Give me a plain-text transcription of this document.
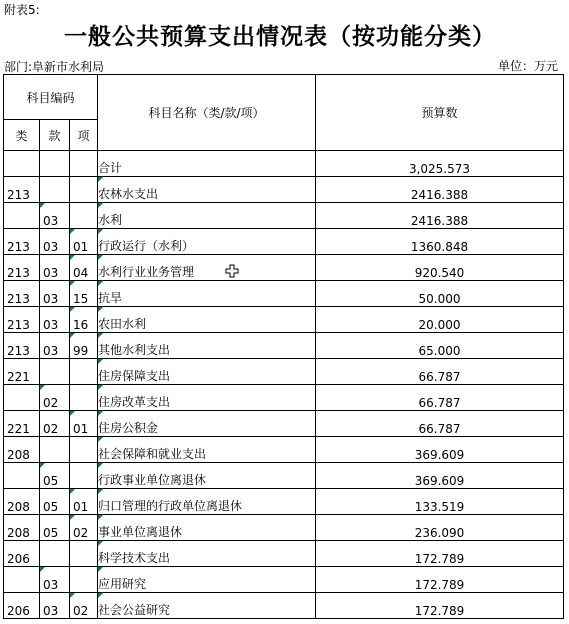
附表5:
一般公共预算支出情况表（按功能分类）
部门:阜新市水利局	单位：万元
科目编码			科目名称（类/款/项）	预算数
类	款	项		
			合计	3,025.573
213			农林水支出	2416.388
	03		水利	2416.388
213	03	01	行政运行（水利）	1360.848
213	03	04	水利行业业务管理	920.540
213	03	15	抗旱	50.000
213	03	16	农田水利	20.000
213	03	99	其他水利支出	65.000
221			住房保障支出	66.787
	02		住房改革支出	66.787
221	02	01	住房公积金	66.787
208			社会保障和就业支出	369.609
	05		行政事业单位离退休	369.609
208	05	01	归口管理的行政单位离退休	133.519
208	05	02	事业单位离退休	236.090
206			科学技术支出	172.789
	03		应用研究	172.789
206	03	02	社会公益研究	172.789
